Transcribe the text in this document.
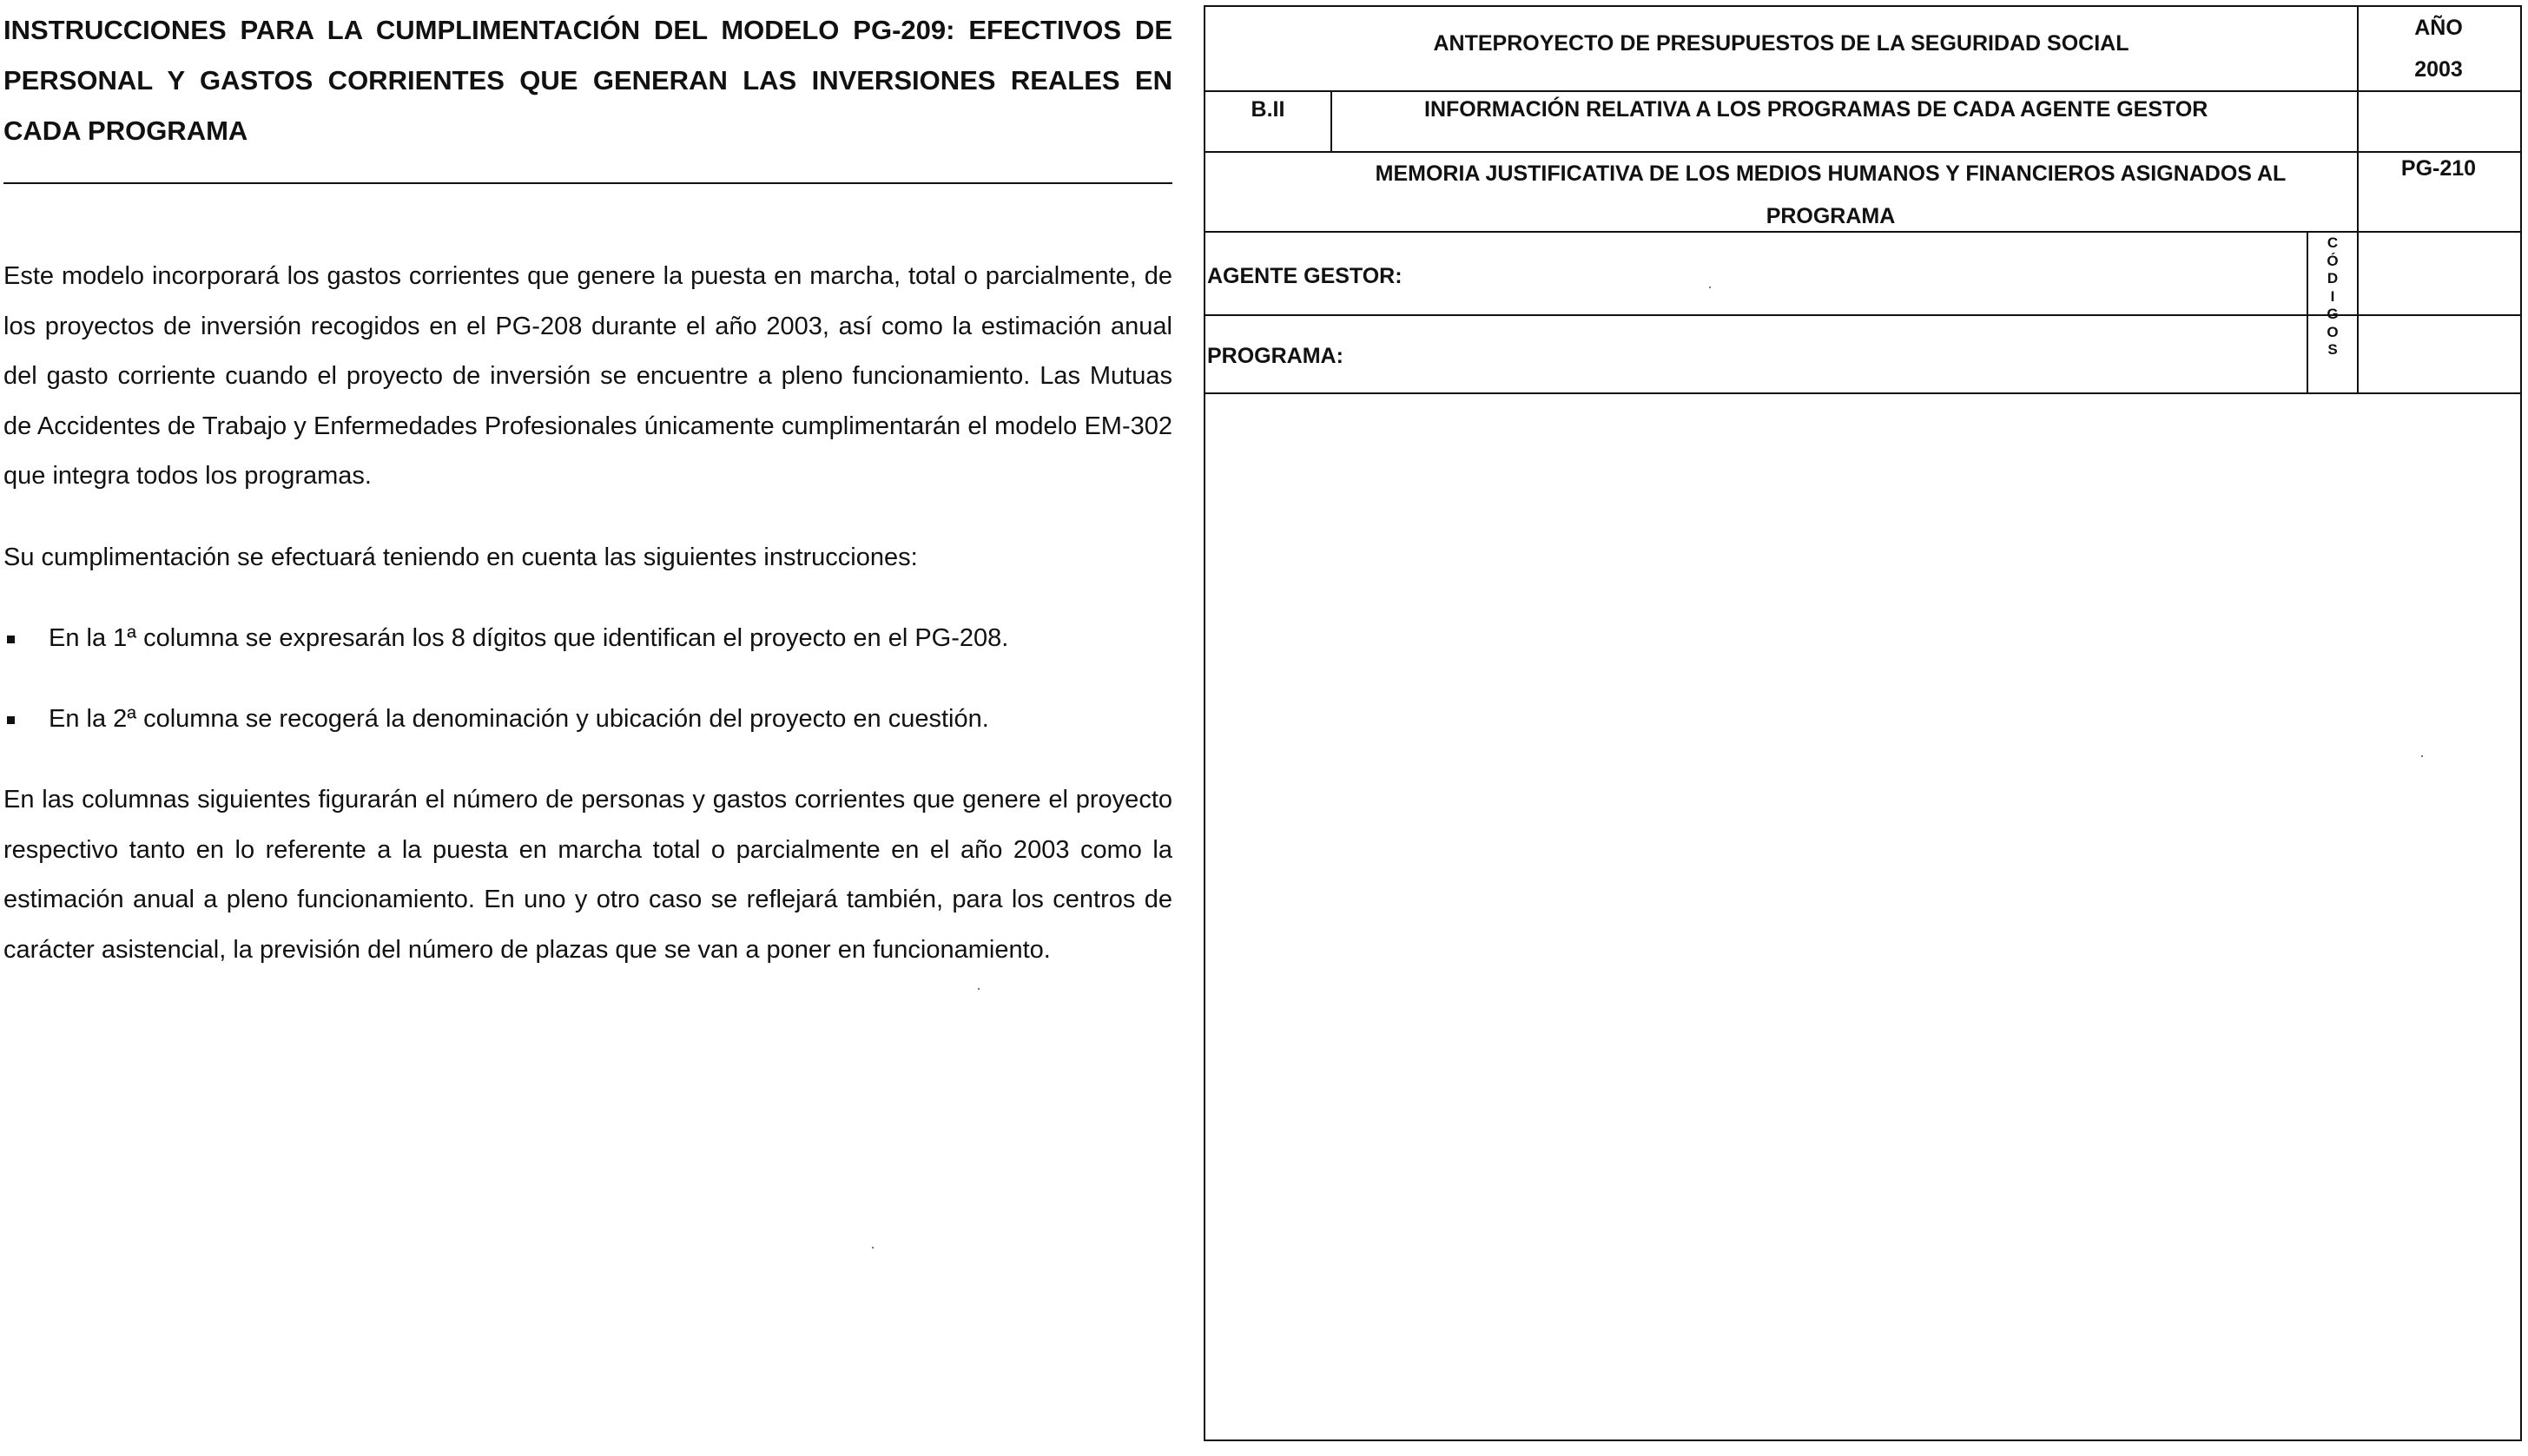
INSTRUCCIONES PARA LA CUMPLIMENTACIÓN DEL MODELO PG-209: EFECTIVOS DE PERSONAL Y GASTOS CORRIENTES QUE GENERAN LAS INVERSIONES REALES EN CADA PROGRAMA

Este modelo incorporará los gastos corrientes que genere la puesta en marcha, total o parcialmente, de los proyectos de inversión recogidos en el PG-208 durante el año 2003, así como la estimación anual del gasto corriente cuando el proyecto de inversión se encuentre a pleno funcionamiento. Las Mutuas de Accidentes de Trabajo y Enfermedades Profesionales únicamente cumplimentarán el modelo EM-302 que integra todos los programas.

Su cumplimentación se efectuará teniendo en cuenta las siguientes instrucciones:

En la 1ª columna se expresarán los 8 dígitos que identifican el proyecto en el PG-208.
En la 2ª columna se recogerá la denominación y ubicación del proyecto en cuestión.

En las columnas siguientes figurarán el número de personas y gastos corrientes que genere el proyecto respectivo tanto en lo referente a la puesta en marcha total o parcialmente en el año 2003 como la estimación anual a pleno funcionamiento. En uno y otro caso se reflejará también, para los centros de carácter asistencial, la previsión del número de plazas que se van a poner en funcionamiento.

ANTEPROYECTO DE PRESUPUESTOS DE LA SEGURIDAD SOCIAL
AÑO
2003
B.II	INFORMACIÓN RELATIVA A LOS PROGRAMAS DE CADA AGENTE GESTOR
MEMORIA JUSTIFICATIVA DE LOS MEDIOS HUMANOS Y FINANCIEROS ASIGNADOS AL PROGRAMA
PG-210
AGENTE GESTOR:
PROGRAMA:
C
Ó
D
I
G
O
S
